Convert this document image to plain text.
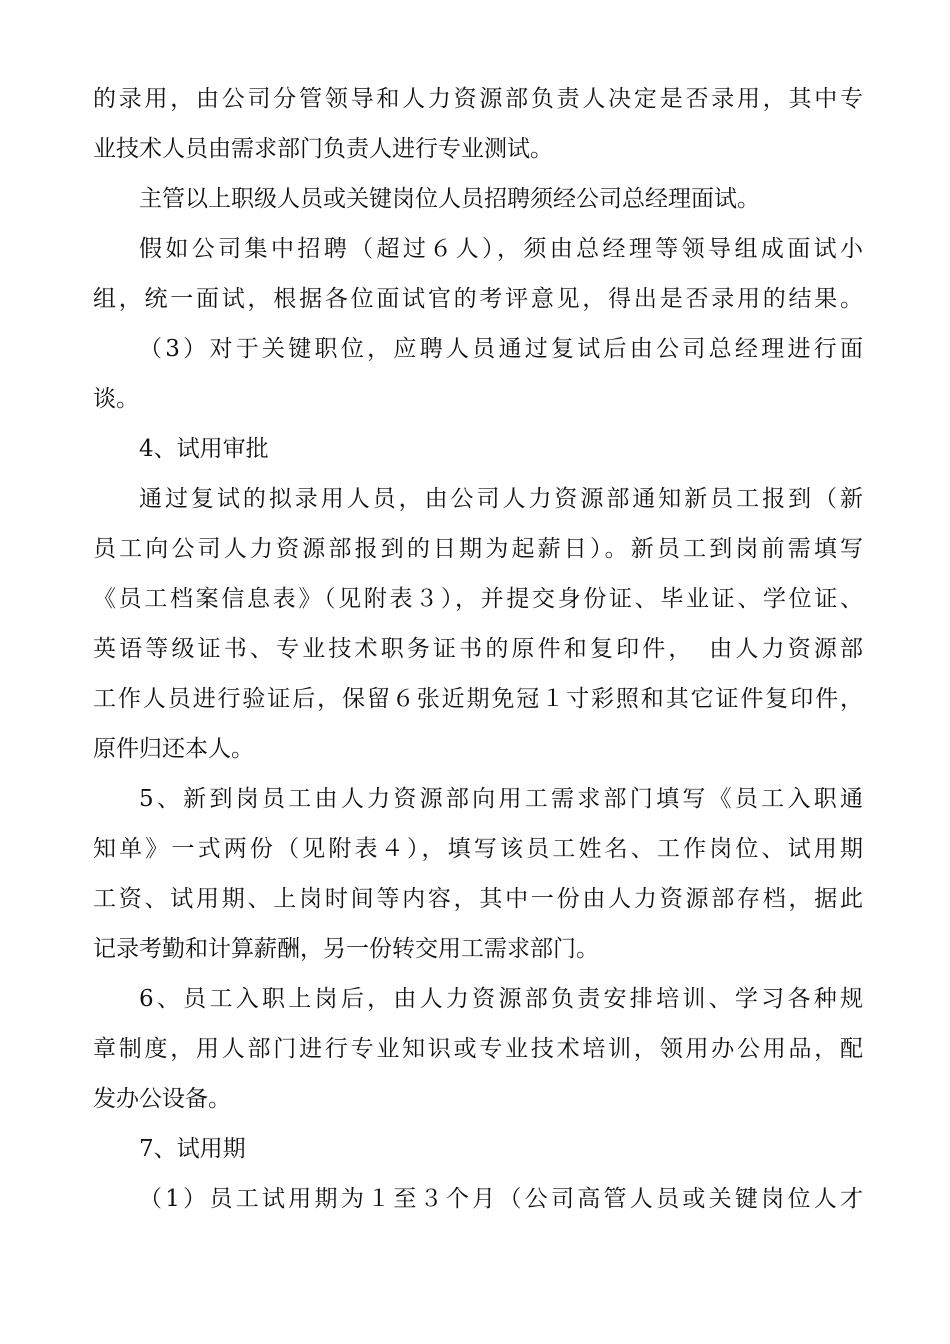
的录用，由公司分管领导和人力资源部负责人决定是否录用，其中专
业技术人员由需求部门负责人进行专业测试。
主管以上职级人员或关键岗位人员招聘须经公司总经理面试。
假如公司集中招聘（超过６人），须由总经理等领导组成面试小
组，统一面试，根据各位面试官的考评意见，得出是否录用的结果。
（3）对于关键职位，应聘人员通过复试后由公司总经理进行面
谈。
4、试用审批
通过复试的拟录用人员，由公司人力资源部通知新员工报到（新
员工向公司人力资源部报到的日期为起薪日）。新员工到岗前需填写
《员工档案信息表》（见附表３），并提交身份证、毕业证、学位证、
英语等级证书、专业技术职务证书的原件和复印件，　由人力资源部
工作人员进行验证后，保留６张近期免冠１寸彩照和其它证件复印件，
原件归还本人。
5、新到岗员工由人力资源部向用工需求部门填写《员工入职通
知单》一式两份（见附表４），填写该员工姓名、工作岗位、试用期
工资、试用期、上岗时间等内容，其中一份由人力资源部存档，据此
记录考勤和计算薪酬，另一份转交用工需求部门。
6、员工入职上岗后，由人力资源部负责安排培训、学习各种规
章制度，用人部门进行专业知识或专业技术培训，领用办公用品，配
发办公设备。
7、试用期
（1）员工试用期为１至３个月（公司高管人员或关键岗位人才
